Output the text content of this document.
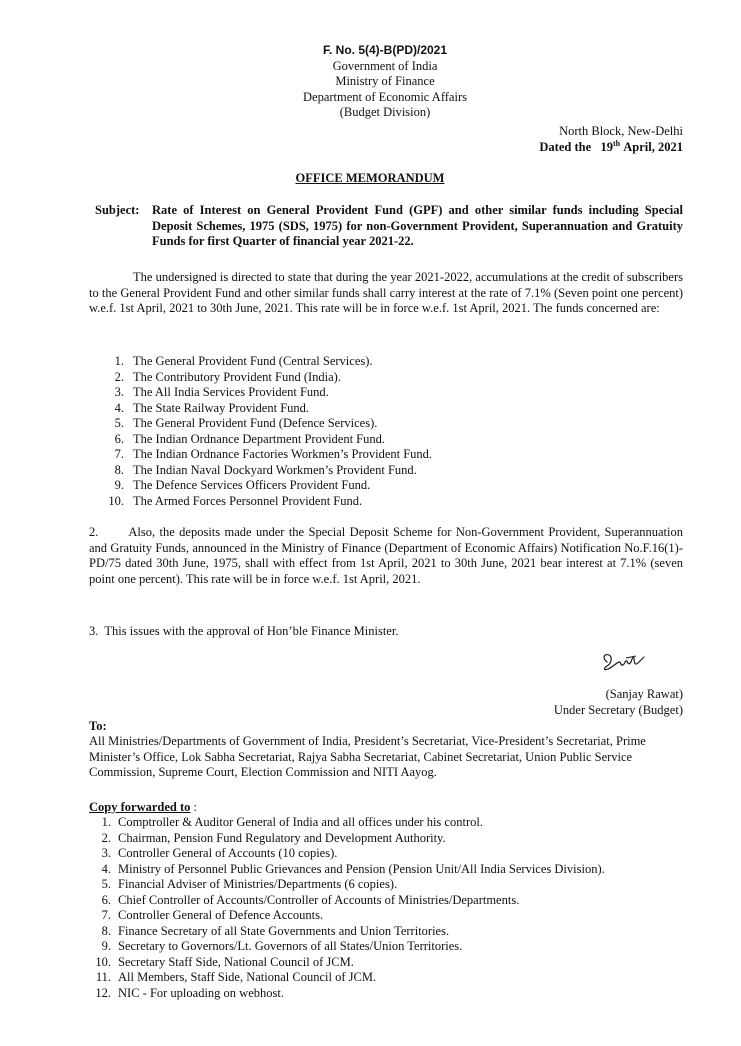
F. No. 5(4)-B(PD)/2021
Government of India
Ministry of Finance
Department of Economic Affairs
(Budget Division)
North Block, New-Delhi
Dated the 19th April, 2021
OFFICE MEMORANDUM
Subject:	Rate of Interest on General Provident Fund (GPF) and other similar funds including Special Deposit Schemes, 1975 (SDS, 1975) for non-Government Provident, Superannuation and Gratuity Funds for first Quarter of financial year 2021-22.
The undersigned is directed to state that during the year 2021-2022, accumulations at the credit of subscribers to the General Provident Fund and other similar funds shall carry interest at the rate of 7.1% (Seven point one percent) w.e.f. 1st April, 2021 to 30th June, 2021. This rate will be in force w.e.f. 1st April, 2021. The funds concerned are:
1. The General Provident Fund (Central Services).
2. The Contributory Provident Fund (India).
3. The All India Services Provident Fund.
4. The State Railway Provident Fund.
5. The General Provident Fund (Defence Services).
6. The Indian Ordnance Department Provident Fund.
7. The Indian Ordnance Factories Workmen’s Provident Fund.
8. The Indian Naval Dockyard Workmen’s Provident Fund.
9. The Defence Services Officers Provident Fund.
10. The Armed Forces Personnel Provident Fund.
2. Also, the deposits made under the Special Deposit Scheme for Non-Government Provident, Superannuation and Gratuity Funds, announced in the Ministry of Finance (Department of Economic Affairs) Notification No.F.16(1)-PD/75 dated 30th June, 1975, shall with effect from 1st April, 2021 to 30th June, 2021 bear interest at 7.1% (seven point one percent). This rate will be in force w.e.f. 1st April, 2021.
3.  This issues with the approval of Hon’ble Finance Minister.
(Sanjay Rawat)
Under Secretary (Budget)
To:
All Ministries/Departments of Government of India, President’s Secretariat, Vice-President’s Secretariat, Prime Minister’s Office, Lok Sabha Secretariat, Rajya Sabha Secretariat, Cabinet Secretariat, Union Public Service Commission, Supreme Court, Election Commission and NITI Aayog.
Copy forwarded to :
1. Comptroller & Auditor General of India and all offices under his control.
2. Chairman, Pension Fund Regulatory and Development Authority.
3. Controller General of Accounts (10 copies).
4. Ministry of Personnel Public Grievances and Pension (Pension Unit/All India Services Division).
5. Financial Adviser of Ministries/Departments (6 copies).
6. Chief Controller of Accounts/Controller of Accounts of Ministries/Departments.
7. Controller General of Defence Accounts.
8. Finance Secretary of all State Governments and Union Territories.
9. Secretary to Governors/Lt. Governors of all States/Union Territories.
10. Secretary Staff Side, National Council of JCM.
11. All Members, Staff Side, National Council of JCM.
12. NIC - For uploading on webhost.
